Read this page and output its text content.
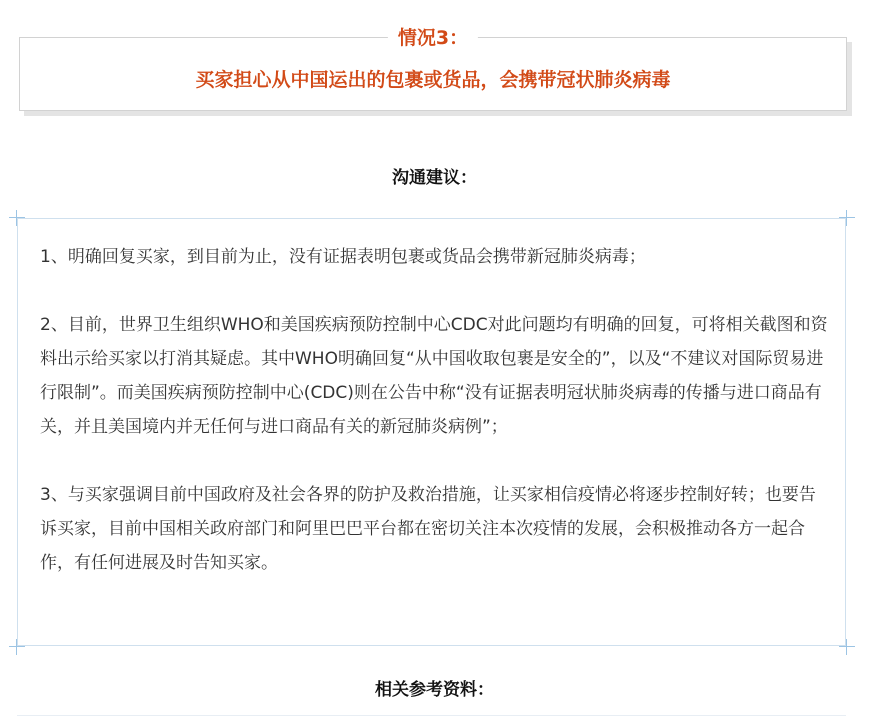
情况3：
买家担心从中国运出的包裹或货品，会携带冠状肺炎病毒
沟通建议：

1、明确回复买家，到目前为止，没有证据表明包裹或货品会携带新冠肺炎病毒；

2、目前，世界卫生组织WHO和美国疾病预防控制中心CDC对此问题均有明确的回复，可将相关截图和资料出示给买家以打消其疑虑。其中WHO明确回复“从中国收取包裹是安全的”，以及“不建议对国际贸易进行限制”。而美国疾病预防控制中心(CDC)则在公告中称“没有证据表明冠状肺炎病毒的传播与进口商品有关，并且美国境内并无任何与进口商品有关的新冠肺炎病例”；

3、与买家强调目前中国政府及社会各界的防护及救治措施，让买家相信疫情必将逐步控制好转；也要告诉买家，目前中国相关政府部门和阿里巴巴平台都在密切关注本次疫情的发展，会积极推动各方一起合作，有任何进展及时告知买家。

相关参考资料：
